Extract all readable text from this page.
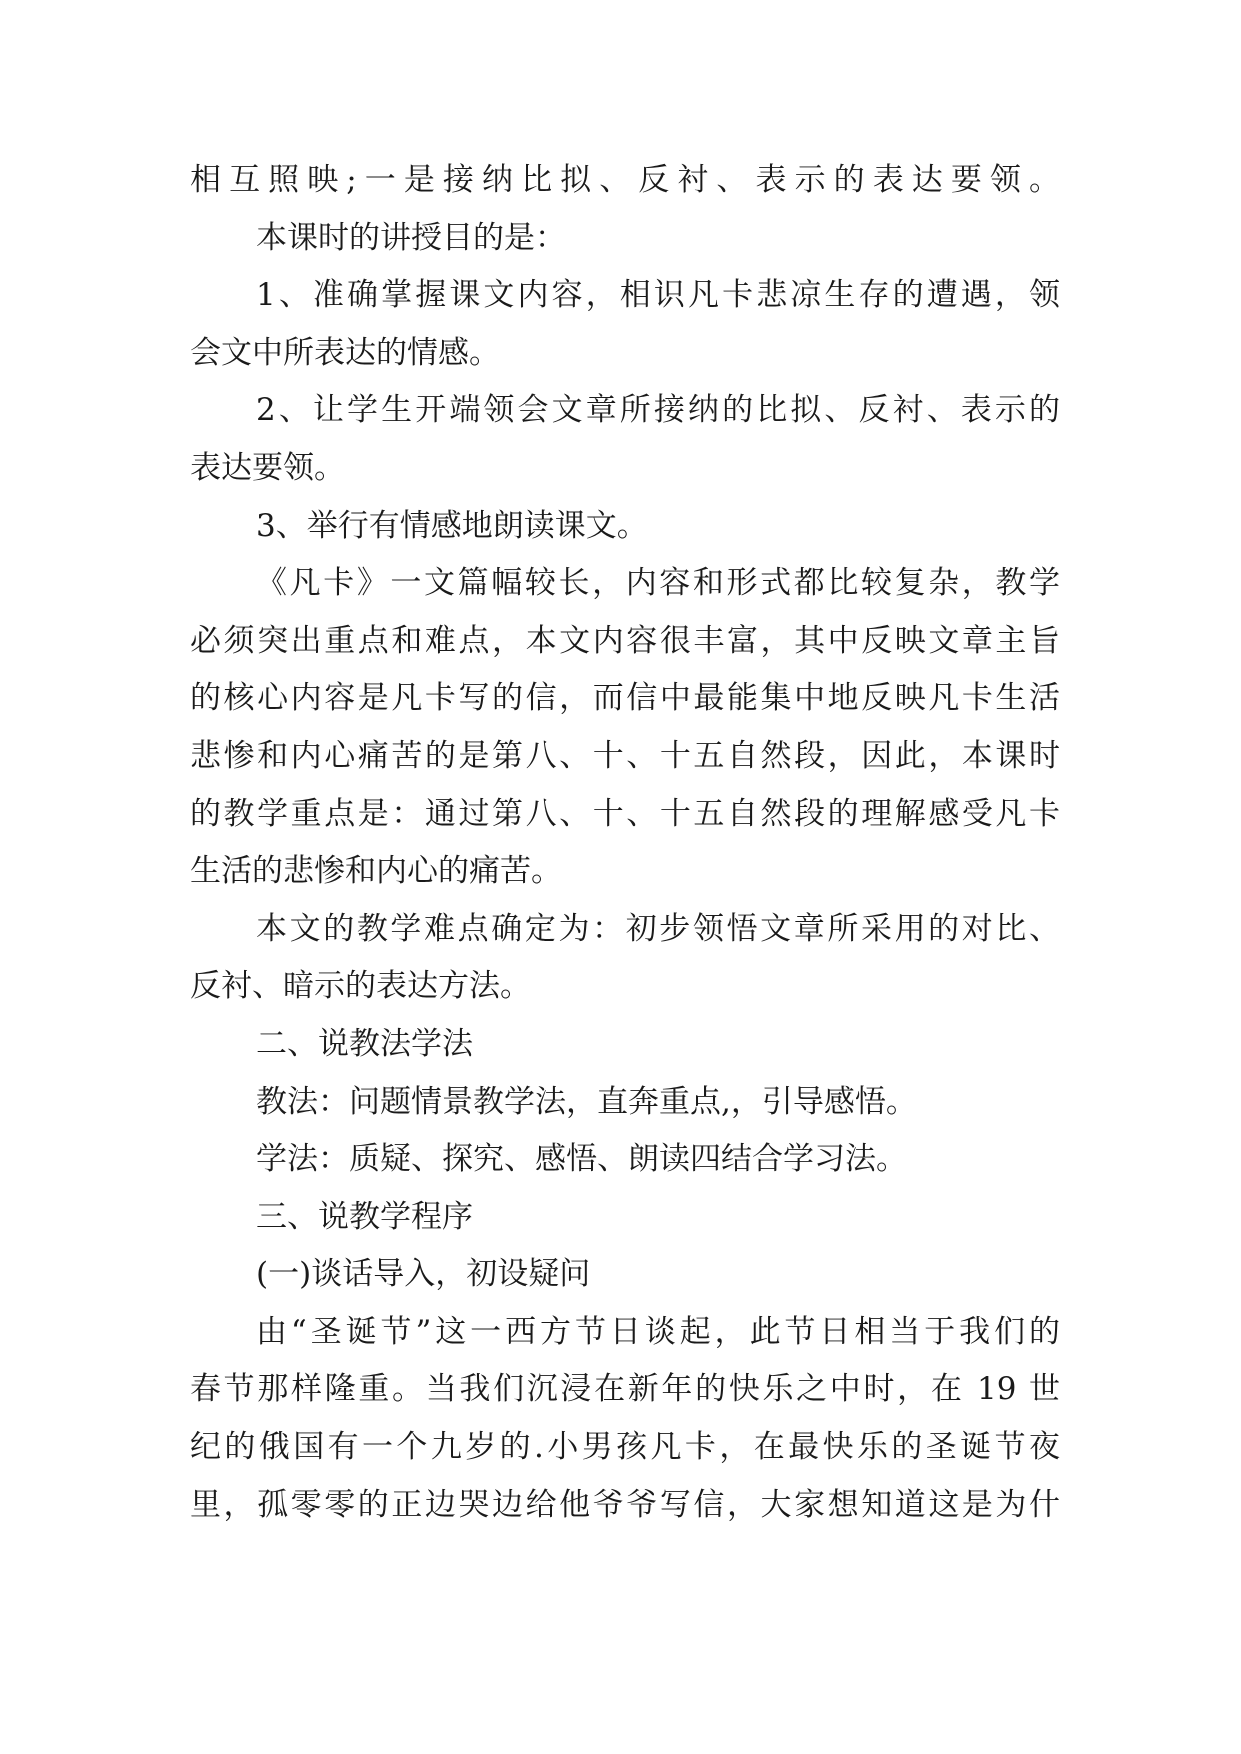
相互照映;一是接纳比拟、反衬、表示的表达要领。
本课时的讲授目的是：
1、准确掌握课文内容，相识凡卡悲凉生存的遭遇，领
会文中所表达的情感。
2、让学生开端领会文章所接纳的比拟、反衬、表示的
表达要领。
3、举行有情感地朗读课文。
《凡卡》一文篇幅较长，内容和形式都比较复杂，教学
必须突出重点和难点，本文内容很丰富，其中反映文章主旨
的核心内容是凡卡写的信，而信中最能集中地反映凡卡生活
悲惨和内心痛苦的是第八、十、十五自然段，因此，本课时
的教学重点是：通过第八、十、十五自然段的理解感受凡卡
生活的悲惨和内心的痛苦。
本文的教学难点确定为：初步领悟文章所采用的对比、
反衬、暗示的表达方法。
二、说教法学法
教法：问题情景教学法，直奔重点,，引导感悟。
学法：质疑、探究、感悟、朗读四结合学习法。
三、说教学程序
(一)谈话导入，初设疑问
由“圣诞节”这一西方节日谈起，此节日相当于我们的
春节那样隆重。当我们沉浸在新年的快乐之中时，在 19 世
纪的俄国有一个九岁的.小男孩凡卡，在最快乐的圣诞节夜
里，孤零零的正边哭边给他爷爷写信，大家想知道这是为什
